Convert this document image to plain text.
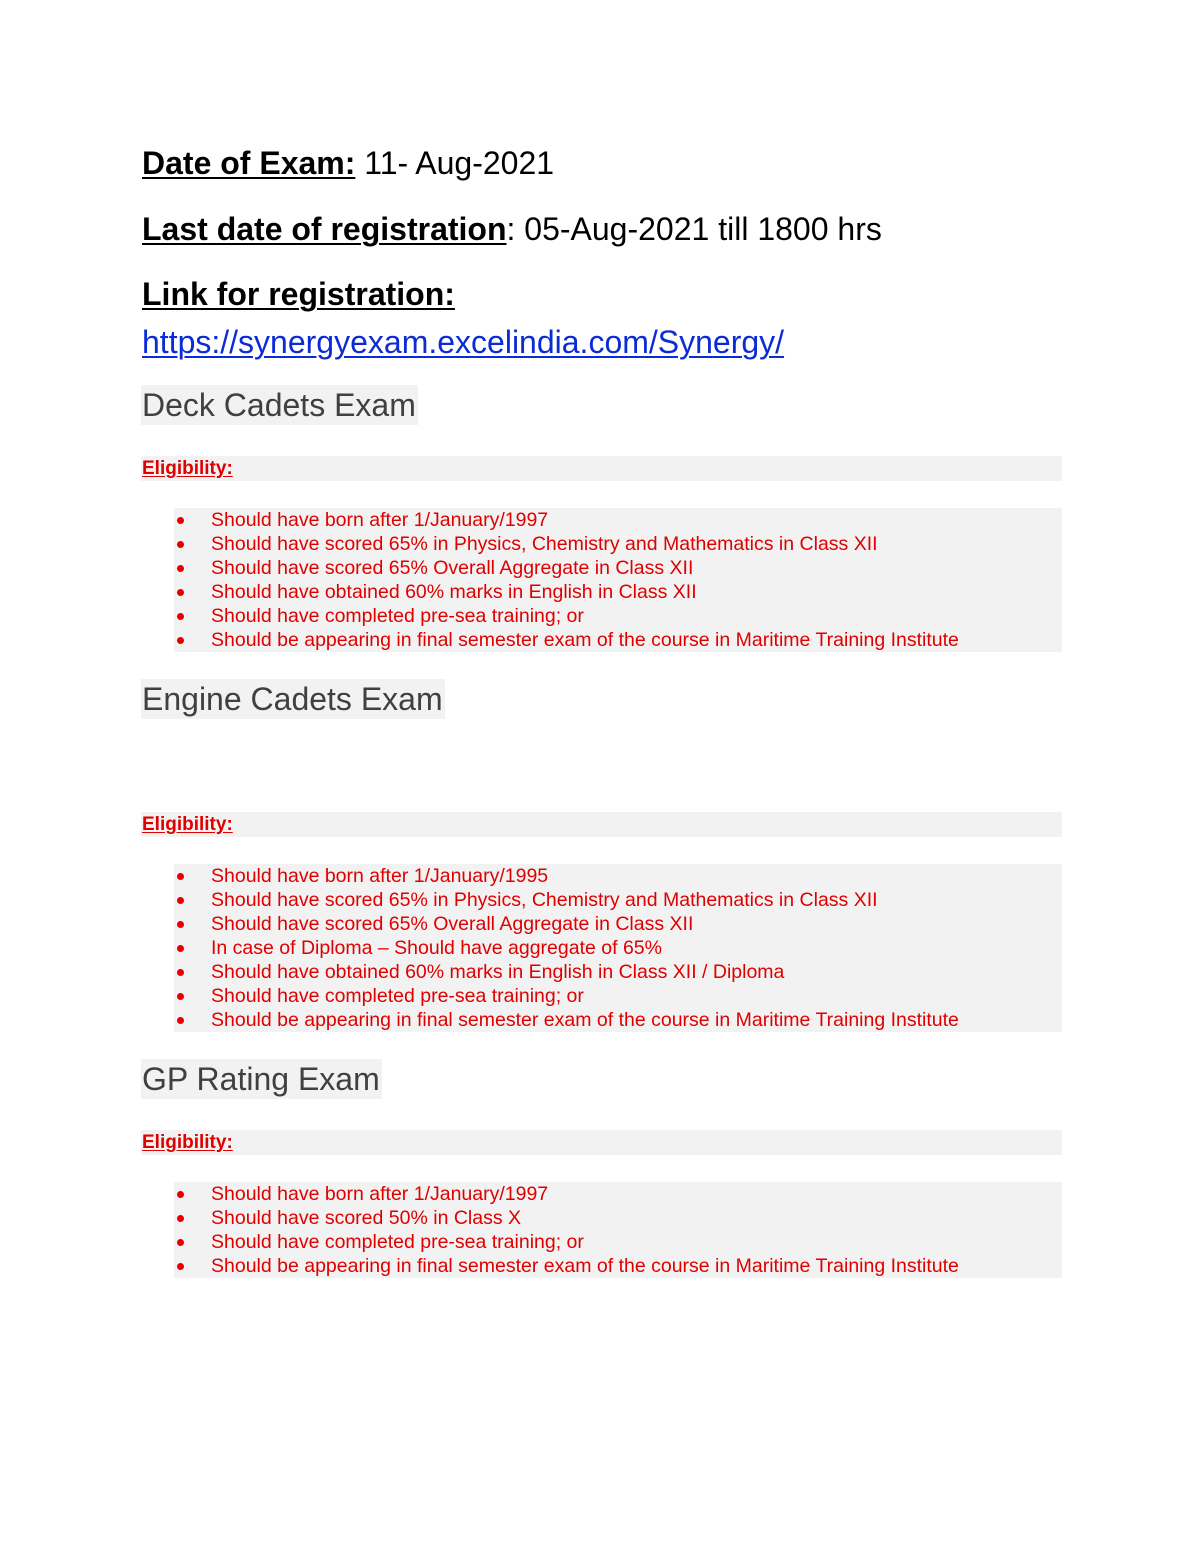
Date of Exam: 11- Aug-2021
Last date of registration: 05-Aug-2021 till 1800 hrs
Link for registration:
https://synergyexam.excelindia.com/Synergy/
Deck Cadets Exam
Eligibility:
Should have born after 1/January/1997
Should have scored 65% in Physics, Chemistry and Mathematics in Class XII
Should have scored 65% Overall Aggregate in Class XII
Should have obtained 60% marks in English in Class XII
Should have completed pre-sea training; or
Should be appearing in final semester exam of the course in Maritime Training Institute
Engine Cadets Exam
Eligibility:
Should have born after 1/January/1995
Should have scored 65% in Physics, Chemistry and Mathematics in Class XII
Should have scored 65% Overall Aggregate in Class XII
In case of Diploma – Should have aggregate of 65%
Should have obtained 60% marks in English in Class XII / Diploma
Should have completed pre-sea training; or
Should be appearing in final semester exam of the course in Maritime Training Institute
GP Rating Exam
Eligibility:
Should have born after 1/January/1997
Should have scored 50% in Class X
Should have completed pre-sea training; or
Should be appearing in final semester exam of the course in Maritime Training Institute
